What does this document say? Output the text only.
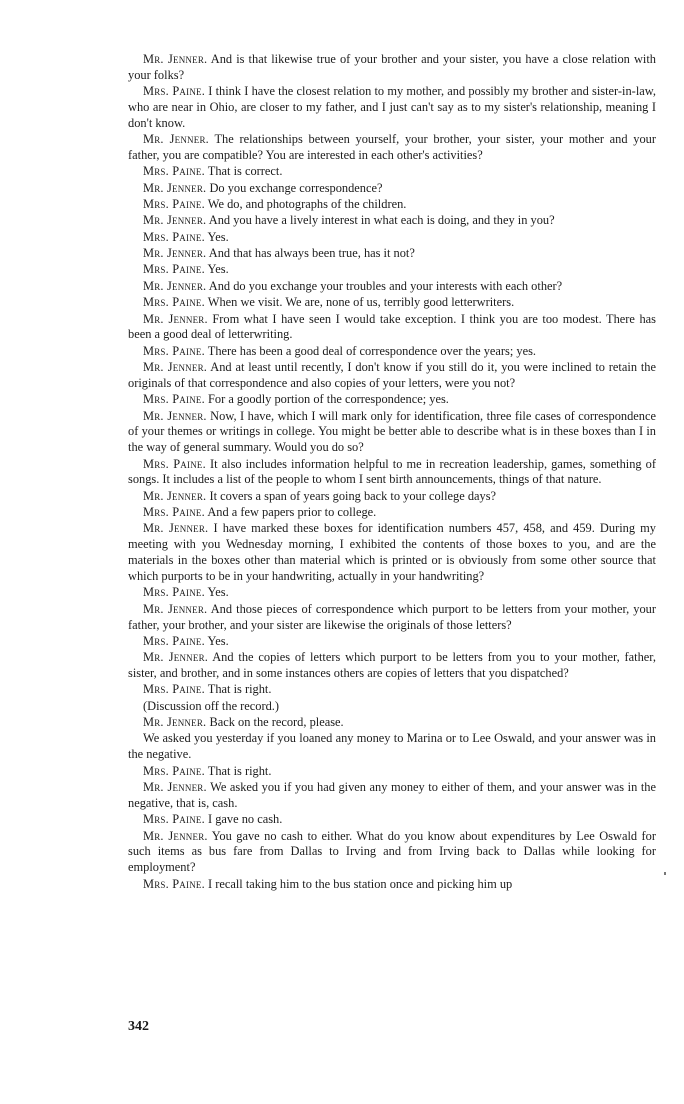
Mr. Jenner. And is that likewise true of your brother and your sister, you have a close relation with your folks?

Mrs. Paine. I think I have the closest relation to my mother, and possibly my brother and sister-in-law, who are near in Ohio, are closer to my father, and I just can't say as to my sister's relationship, meaning I don't know.

Mr. Jenner. The relationships between yourself, your brother, your sister, your mother and your father, you are compatible? You are interested in each other's activities?

Mrs. Paine. That is correct.

Mr. Jenner. Do you exchange correspondence?

Mrs. Paine. We do, and photographs of the children.

Mr. Jenner. And you have a lively interest in what each is doing, and they in you?

Mrs. Paine. Yes.

Mr. Jenner. And that has always been true, has it not?

Mrs. Paine. Yes.

Mr. Jenner. And do you exchange your troubles and your interests with each other?

Mrs. Paine. When we visit. We are, none of us, terribly good letterwriters.

Mr. Jenner. From what I have seen I would take exception. I think you are too modest. There has been a good deal of letterwriting.

Mrs. Paine. There has been a good deal of correspondence over the years; yes.

Mr. Jenner. And at least until recently, I don't know if you still do it, you were inclined to retain the originals of that correspondence and also copies of your letters, were you not?

Mrs. Paine. For a goodly portion of the correspondence; yes.

Mr. Jenner. Now, I have, which I will mark only for identification, three file cases of correspondence of your themes or writings in college. You might be better able to describe what is in these boxes than I in the way of general summary. Would you do so?

Mrs. Paine. It also includes information helpful to me in recreation leadership, games, something of songs. It includes a list of the people to whom I sent birth announcements, things of that nature.

Mr. Jenner. It covers a span of years going back to your college days?

Mrs. Paine. And a few papers prior to college.

Mr. Jenner. I have marked these boxes for identification numbers 457, 458, and 459. During my meeting with you Wednesday morning, I exhibited the contents of those boxes to you, and are the materials in the boxes other than material which is printed or is obviously from some other source that which purports to be in your handwriting, actually in your handwriting?

Mrs. Paine. Yes.

Mr. Jenner. And those pieces of correspondence which purport to be letters from your mother, your father, your brother, and your sister are likewise the originals of those letters?

Mrs. Paine. Yes.

Mr. Jenner. And the copies of letters which purport to be letters from you to your mother, father, sister, and brother, and in some instances others are copies of letters that you dispatched?

Mrs. Paine. That is right.

(Discussion off the record.)

Mr. Jenner. Back on the record, please.

We asked you yesterday if you loaned any money to Marina or to Lee Oswald, and your answer was in the negative.

Mrs. Paine. That is right.

Mr. Jenner. We asked you if you had given any money to either of them, and your answer was in the negative, that is, cash.

Mrs. Paine. I gave no cash.

Mr. Jenner. You gave no cash to either. What do you know about expenditures by Lee Oswald for such items as bus fare from Dallas to Irving and from Irving back to Dallas while looking for employment?

Mrs. Paine. I recall taking him to the bus station once and picking him up

342
